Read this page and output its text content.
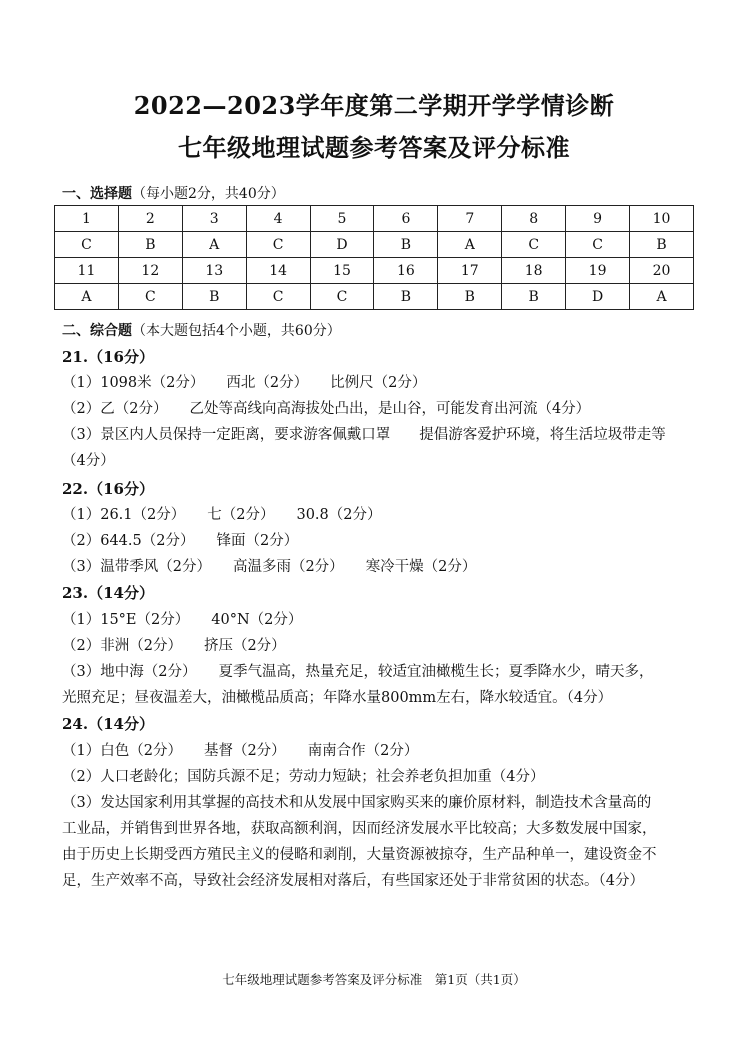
2022—2023学年度第二学期开学学情诊断
七年级地理试题参考答案及评分标准
一、选择题（每小题2分，共40分）
1	2	3	4	5	6	7	8	9	10
C	B	A	C	D	B	A	C	C	B
11	12	13	14	15	16	17	18	19	20
A	C	B	C	C	B	B	B	D	A
二、综合题（本大题包括4个小题，共60分）
21.（16分）
（1）1098米（2分） 西北（2分） 比例尺（2分）
（2）乙（2分） 乙处等高线向高海拔处凸出，是山谷，可能发育出河流（4分）
（3）景区内人员保持一定距离，要求游客佩戴口罩　　提倡游客爱护环境，将生活垃圾带走等
（4分）
22.（16分）
（1）26.1（2分） 七（2分） 30.8（2分）
（2）644.5（2分） 锋面（2分）
（3）温带季风（2分） 高温多雨（2分） 寒冷干燥（2分）
23.（14分）
（1）15°E（2分） 40°N（2分）
（2）非洲（2分） 挤压（2分）
（3）地中海（2分） 夏季气温高，热量充足，较适宜油橄榄生长；夏季降水少，晴天多，
光照充足；昼夜温差大，油橄榄品质高；年降水量800mm左右，降水较适宜。（4分）
24.（14分）
（1）白色（2分） 基督（2分） 南南合作（2分）
（2）人口老龄化；国防兵源不足；劳动力短缺；社会养老负担加重（4分）
（3）发达国家利用其掌握的高技术和从发展中国家购买来的廉价原材料，制造技术含量高的
工业品，并销售到世界各地，获取高额利润，因而经济发展水平比较高；大多数发展中国家，
由于历史上长期受西方殖民主义的侵略和剥削，大量资源被掠夺，生产品种单一，建设资金不
足，生产效率不高，导致社会经济发展相对落后，有些国家还处于非常贫困的状态。（4分）
七年级地理试题参考答案及评分标准　第1页（共1页）
